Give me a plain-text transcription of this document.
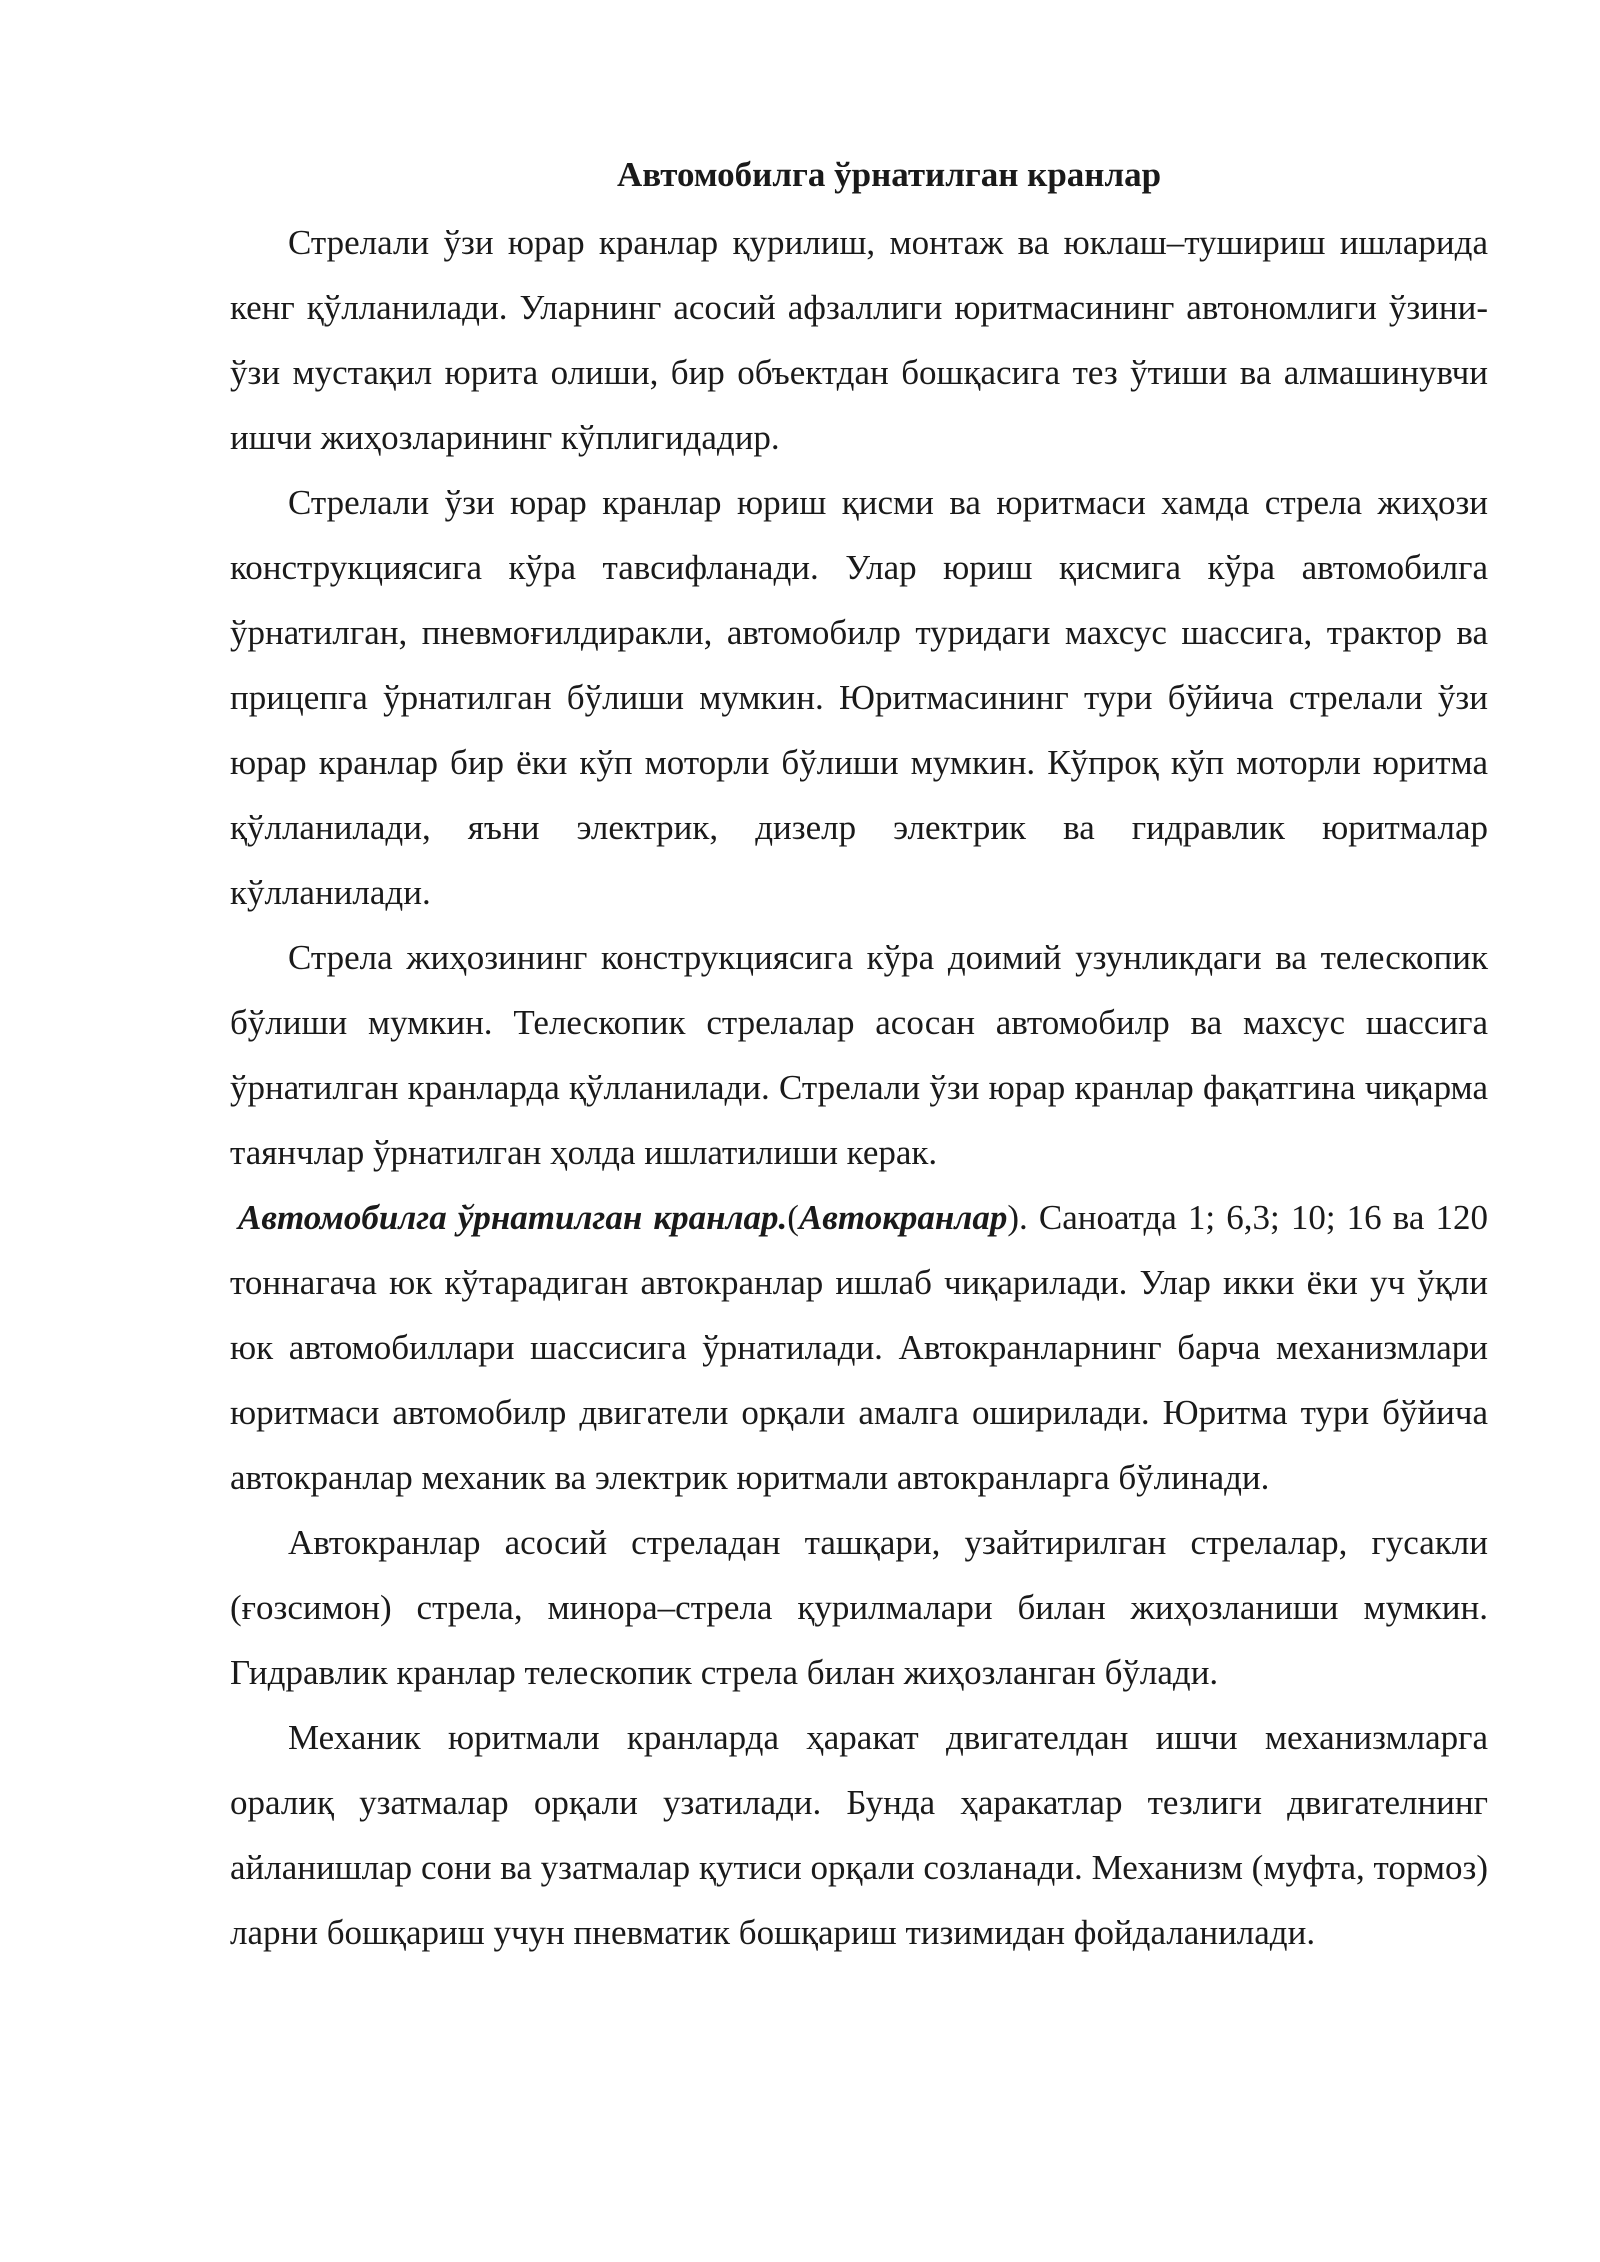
Автомобилга ўрнатилган кранлар

Стрелали ўзи юрар кранлар қурилиш, монтаж ва юклаш–тушириш ишларида кенг қўлланилади. Уларнинг асосий афзаллиги юритмасининг автономлиги ўзини-ўзи мустақил юрита олиши, бир объектдан бошқасига тез ўтиши ва алмашинувчи ишчи жиҳозларининг кўплигидадир.

Стрелали ўзи юрар кранлар юриш қисми ва юритмаси хамда стрела жиҳози конструкциясига кўра тавсифланади. Улар юриш қисмига кўра автомобилга ўрнатилган, пневмоғилдиракли, автомобилр туридаги махсус шассига, трактор ва прицепга ўрнатилган бўлиши мумкин. Юритмасининг тури бўйича стрелали ўзи юрар кранлар бир ёки кўп моторли бўлиши мумкин. Кўпроқ кўп моторли юритма қўлланилади, яъни электрик, дизелр электрик ва гидравлик юритмалар кўлланилади.

Стрела жиҳозининг конструкциясига кўра доимий узунликдаги ва телескопик бўлиши мумкин. Телескопик стрелалар асосан автомобилр ва махсус шассига ўрнатилган кранларда қўлланилади. Стрелали ўзи юрар кранлар фақатгина чиқарма таянчлар ўрнатилган ҳолда ишлатилиши керак.

Автомобилга ўрнатилган кранлар.(Автокранлар). Саноатда 1; 6,3; 10; 16 ва 120 тоннагача юк кўтарадиган автокранлар ишлаб чиқарилади. Улар икки ёки уч ўқли юк автомобиллари шассисига ўрнатилади. Автокранларнинг барча механизмлари юритмаси автомобилр двигатели орқали амалга оширилади. Юритма тури бўйича автокранлар механик ва электрик юритмали автокранларга бўлинади.

Автокранлар асосий стреладан ташқари, узайтирилган стрелалар, гусакли (ғозсимон) стрела, минора–стрела қурилмалари билан жиҳозланиши мумкин. Гидравлик кранлар телескопик стрела билан жиҳозланган бўлади.

Механик юритмали кранларда ҳаракат двигателдан ишчи механизмларга оралиқ узатмалар орқали узатилади. Бунда ҳаракатлар тезлиги двигателнинг айланишлар сони ва узатмалар қутиси орқали созланади. Механизм (муфта, тормоз) ларни бошқариш учун пневматик бошқариш тизимидан фойдаланилади.
